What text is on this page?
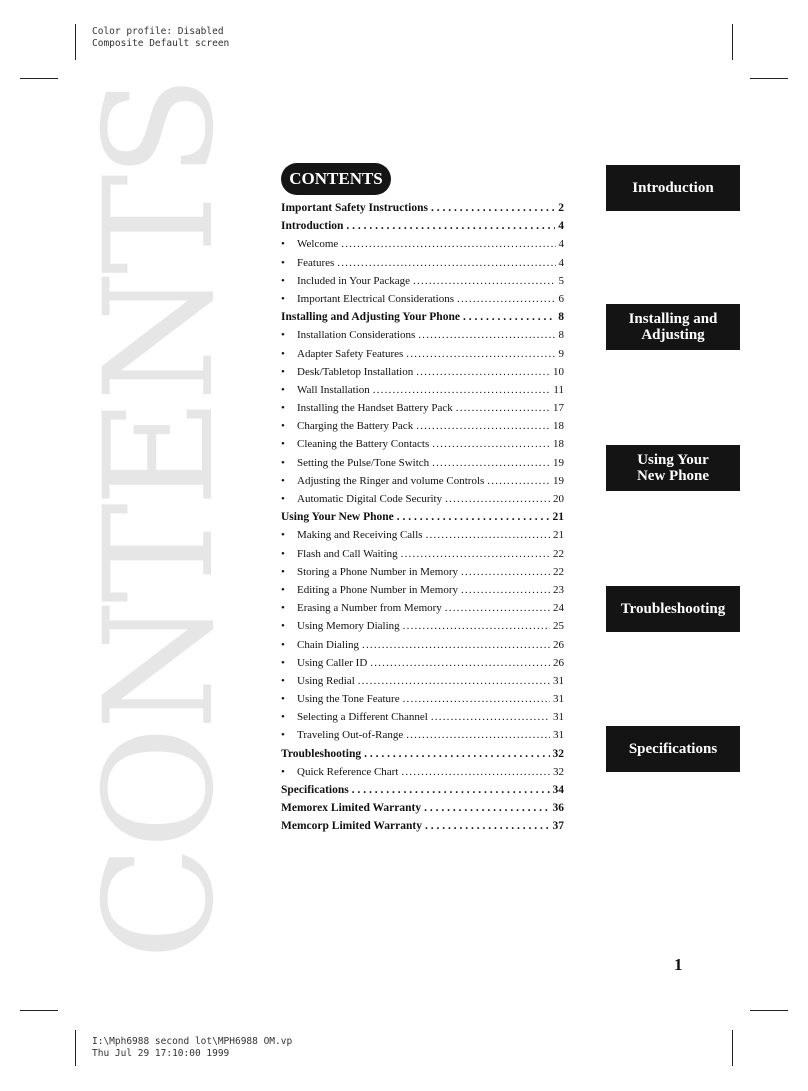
Color profile: Disabled
Composite Default screen
I:\Mph6988 second lot\MPH6988 OM.vp
Thu Jul 29 17:10:00 1999
CONTENTS	CONTENTS
Important Safety Instructions . . .	2
Introduction . . .	4
•	Welcome .....	4
•	Features .....	4
•	Included in Your Package .....	5
•	Important Electrical Considerations .....	6
Installing and Adjusting Your Phone . . .	8
•	Installation Considerations .....	8
•	Adapter Safety Features .....	9
•	Desk/Tabletop Installation .....	10
•	Wall Installation .....	11
•	Installing the Handset Battery Pack .....	17
•	Charging the Battery Pack .....	18
•	Cleaning the Battery Contacts .....	18
•	Setting the Pulse/Tone Switch .....	19
•	Adjusting the Ringer and volume Controls .....	19
•	Automatic Digital Code Security .....	20
Using Your New Phone . . .	21
•	Making and Receiving Calls .....	21
•	Flash and Call Waiting .....	22
•	Storing a Phone Number in Memory .....	22
•	Editing a Phone Number in Memory .....	23
•	Erasing a Number from Memory .....	24
•	Using Memory Dialing .....	25
•	Chain Dialing .....	26
•	Using Caller ID .....	26
•	Using Redial .....	31
•	Using the Tone Feature .....	31
•	Selecting a Different Channel .....	31
•	Traveling Out-of-Range .....	31
Troubleshooting . . .	32
•	Quick Reference Chart .....	32
Specifications . . .	34
Memorex Limited Warranty . . .	36
Memcorp Limited Warranty . . .	37
Introduction
Installing and
Adjusting
Using Your
New Phone
Troubleshooting
Specifications
1
